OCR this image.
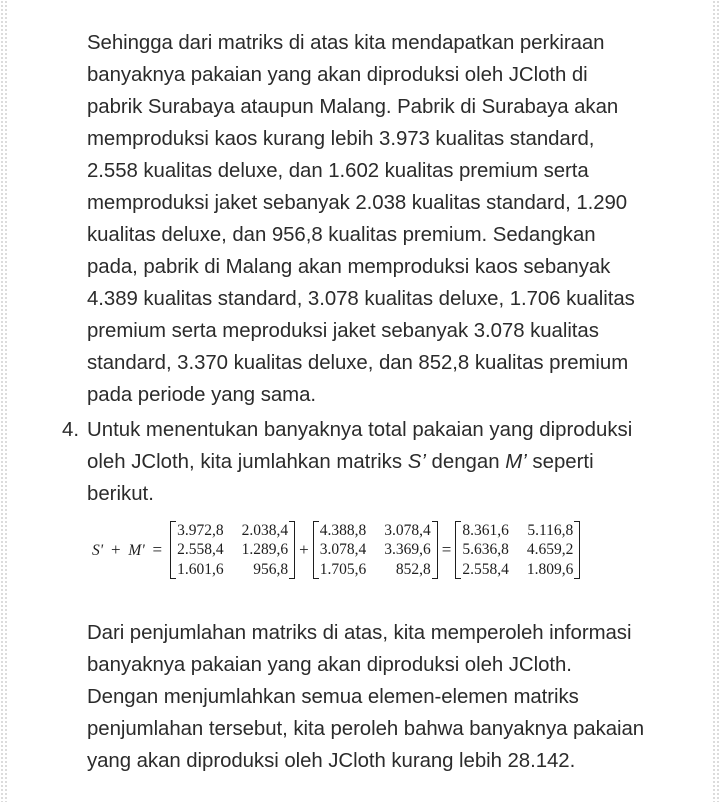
Sehingga dari matriks di atas kita mendapatkan perkiraan
banyaknya pakaian yang akan diproduksi oleh JCloth di
pabrik Surabaya ataupun Malang. Pabrik di Surabaya akan
memproduksi kaos kurang lebih 3.973 kualitas standard,
2.558 kualitas deluxe, dan 1.602 kualitas premium serta
memproduksi jaket sebanyak 2.038 kualitas standard, 1.290
kualitas deluxe, dan 956,8 kualitas premium. Sedangkan
pada, pabrik di Malang akan memproduksi kaos sebanyak
4.389 kualitas standard, 3.078 kualitas deluxe, 1.706 kualitas
premium serta meproduksi jaket sebanyak 3.078 kualitas
standard, 3.370 kualitas deluxe, dan 852,8 kualitas premium
pada periode yang sama.

4. Untuk menentukan banyaknya total pakaian yang diproduksi
oleh JCloth, kita jumlahkan matriks S’ dengan M’ seperti
berikut.
S' + M' =
3.972,8 2.038,4
2.558,4 1.289,6
1.601,6	956,8
+
4.388,8 3.078,4
3.078,4 3.369,6
1.705,6	852,8
=
8.361,6 5.116,8
5.636,8 4.659,2
2.558,4 1.809,6

Dari penjumlahan matriks di atas, kita memperoleh informasi
banyaknya pakaian yang akan diproduksi oleh JCloth.
Dengan menjumlahkan semua elemen-elemen matriks
penjumlahan tersebut, kita peroleh bahwa banyaknya pakaian
yang akan diproduksi oleh JCloth kurang lebih 28.142.
